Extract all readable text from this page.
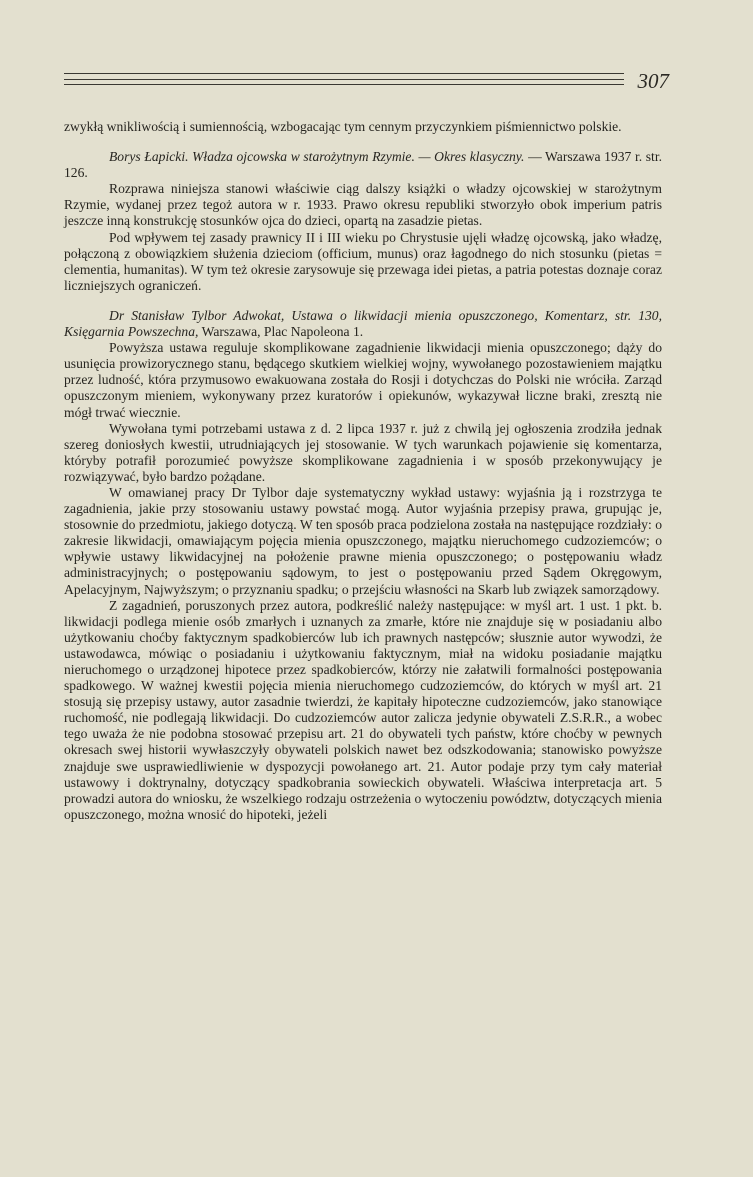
307

zwykłą wnikliwością i sumiennością, wzbogacając tym cennym przyczynkiem piśmiennictwo polskie.

Borys Łapicki. Władza ojcowska w starożytnym Rzymie. — Okres klasyczny. — Warszawa 1937 r. str. 126.

Rozprawa niniejsza stanowi właściwie ciąg dalszy książki o władzy ojcowskiej w starożytnym Rzymie, wydanej przez tegoż autora w r. 1933. Prawo okresu republiki stworzyło obok imperium patris jeszcze inną konstrukcję stosunków ojca do dzieci, opartą na zasadzie pietas.

Pod wpływem tej zasady prawnicy II i III wieku po Chrystusie ujęli władzę ojcowską, jako władzę, połączoną z obowiązkiem służenia dzieciom (officium, munus) oraz łagodnego do nich stosunku (pietas = clementia, humanitas). W tym też okresie zarysowuje się przewaga idei pietas, a patria potestas doznaje coraz liczniejszych ograniczeń.

Dr Stanisław Tylbor Adwokat, Ustawa o likwidacji mienia opuszczonego, Komentarz, str. 130, Księgarnia Powszechna, Warszawa, Plac Napoleona 1.

Powyższa ustawa reguluje skomplikowane zagadnienie likwidacji mienia opuszczonego; dąży do usunięcia prowizorycznego stanu, będącego skutkiem wielkiej wojny, wywołanego pozostawieniem majątku przez ludność, która przymusowo ewakuowana została do Rosji i dotychczas do Polski nie wróciła. Zarząd opuszczonym mieniem, wykonywany przez kuratorów i opiekunów, wykazywał liczne braki, zresztą nie mógł trwać wiecznie.

Wywołana tymi potrzebami ustawa z d. 2 lipca 1937 r. już z chwilą jej ogłoszenia zrodziła jednak szereg doniosłych kwestii, utrudniających jej stosowanie. W tych warunkach pojawienie się komentarza, któryby potrafił porozumieć powyższe skomplikowane zagadnienia i w sposób przekonywujący je rozwiązywać, było bardzo pożądane.

W omawianej pracy Dr Tylbor daje systematyczny wykład ustawy: wyjaśnia ją i rozstrzyga te zagadnienia, jakie przy stosowaniu ustawy powstać mogą. Autor wyjaśnia przepisy prawa, grupując je, stosownie do przedmiotu, jakiego dotyczą. W ten sposób praca podzielona została na następujące rozdziały: o zakresie likwidacji, omawiającym pojęcia mienia opuszczonego, majątku nieruchomego cudzoziemców; o wpływie ustawy likwidacyjnej na położenie prawne mienia opuszczonego; o postępowaniu władz administracyjnych; o postępowaniu sądowym, to jest o postępowaniu przed Sądem Okręgowym, Apelacyjnym, Najwyższym; o przyznaniu spadku; o przejściu własności na Skarb lub związek samorządowy.

Z zagadnień, poruszonych przez autora, podkreślić należy następujące: w myśl art. 1 ust. 1 pkt. b. likwidacji podlega mienie osób zmarłych i uznanych za zmarłe, które nie znajduje się w posiadaniu albo użytkowaniu choćby faktycznym spadkobierców lub ich prawnych następców; słusznie autor wywodzi, że ustawodawca, mówiąc o posiadaniu i użytkowaniu faktycznym, miał na widoku posiadanie majątku nieruchomego o urządzonej hipotece przez spadkobierców, którzy nie załatwili formalności postępowania spadkowego. W ważnej kwestii pojęcia mienia nieruchomego cudzoziemców, do których w myśl art. 21 stosują się przepisy ustawy, autor zasadnie twierdzi, że kapitały hipoteczne cudzoziemców, jako stanowiące ruchomość, nie podlegają likwidacji. Do cudzoziemców autor zalicza jedynie obywateli Z.S.R.R., a wobec tego uważa że nie podobna stosować przepisu art. 21 do obywateli tych państw, które choćby w pewnych okresach swej historii wywłaszczyły obywateli polskich nawet bez odszkodowania; stanowisko powyższe znajduje swe usprawiedliwienie w dyspozycji powołanego art. 21. Autor podaje przy tym cały materiał ustawowy i doktrynalny, dotyczący spadkobrania sowieckich obywateli. Właściwa interpretacja art. 5 prowadzi autora do wniosku, że wszelkiego rodzaju ostrzeżenia o wytoczeniu powództw, dotyczących mienia opuszczonego, można wnosić do hipoteki, jeżeli
